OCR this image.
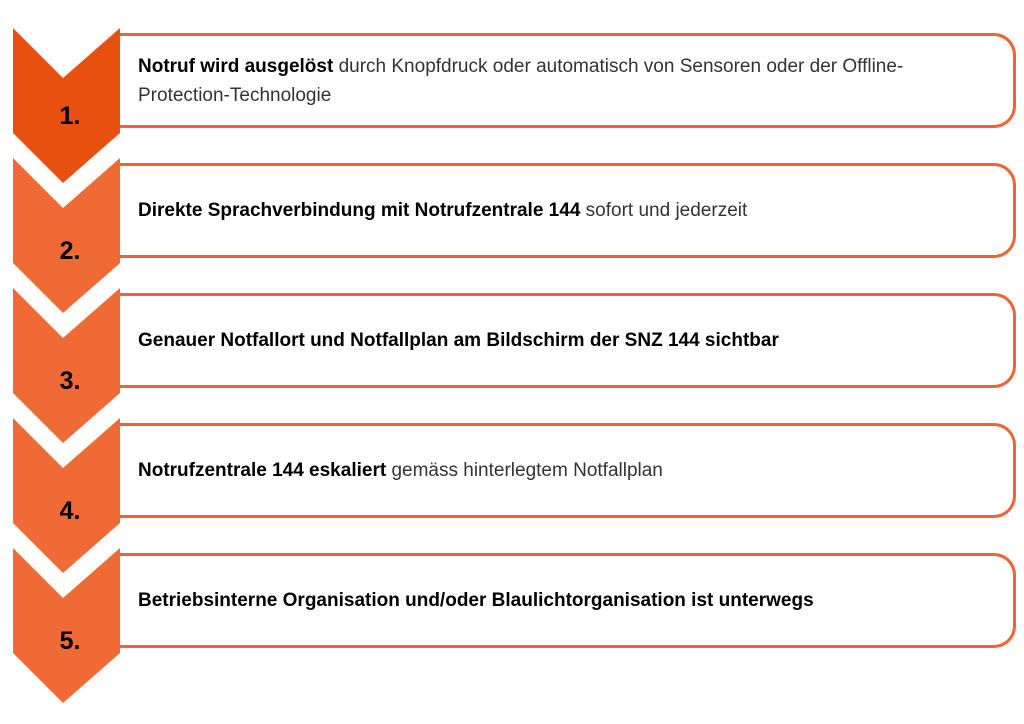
1.
2.
3.
4.
5.
Notruf wird ausgelöst durch Knopfdruck oder automatisch von Sensoren oder der Offline-Protection-Technologie
Direkte Sprachverbindung mit Notrufzentrale 144 sofort und jederzeit
Genauer Notfallort und Notfallplan am Bildschirm der SNZ 144 sichtbar
Notrufzentrale 144 eskaliert gemäss hinterlegtem Notfallplan
Betriebsinterne Organisation und/oder Blaulichtorganisation ist unterwegs
